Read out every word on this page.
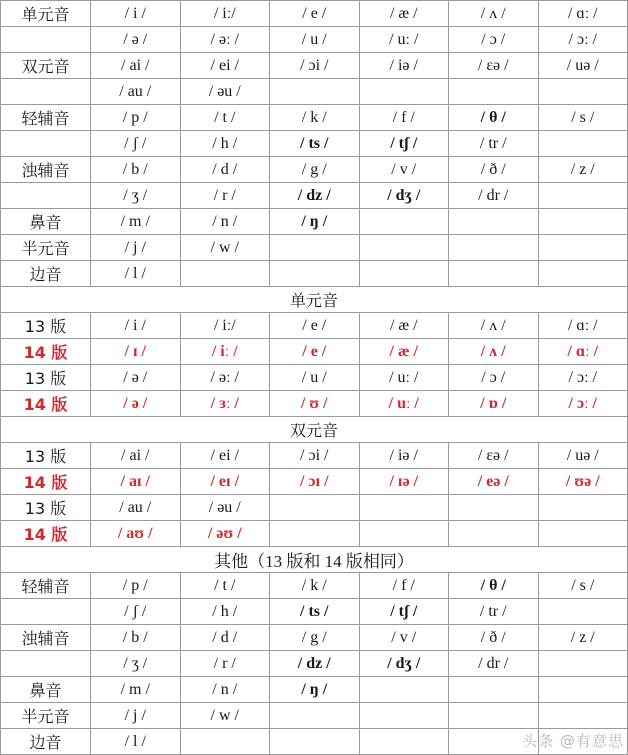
单元音	/ i /	/ iː/	/ e /	/ æ /	/ ʌ /	/ ɑː /
	/ ə /	/ əː /	/ u /	/ uː /	/ ɔ /	/ ɔː /
双元音	/ ai /	/ ei /	/ ɔi /	/ iə /	/ ɛə /	/ uə /
	/ au /	/ əu /				
轻辅音	/ p /	/ t /	/ k /	/ f /	/ θ /	/ s /
	/ ʃ /	/ h /	/ ts /	/ tʃ /	/ tr /	
浊辅音	/ b /	/ d /	/ g /	/ v /	/ ð /	/ z /
	/ ʒ /	/ r /	/ dz /	/ dʒ /	/ dr /	
鼻音	/ m /	/ n /	/ ŋ /			
半元音	/ j /	/ w /				
边音	/ l /					
单元音						
13 版	/ i /	/ iː/	/ e /	/ æ /	/ ʌ /	/ ɑː /
14 版	/ ɪ /	/ iː /	/ e /	/ æ /	/ ʌ /	/ ɑː /
13 版	/ ə /	/ əː /	/ u /	/ uː /	/ ɔ /	/ ɔː /
14 版	/ ə /	/ ɜː /	/ ʊ /	/ uː /	/ ɒ /	/ ɔː /
双元音						
13 版	/ ai /	/ ei /	/ ɔi /	/ iə /	/ ɛə /	/ uə /
14 版	/ aɪ /	/ eɪ /	/ ɔɪ /	/ ɪə /	/ eə /	/ ʊə /
13 版	/ au /	/ əu /				
14 版	/ aʊ /	/ əʊ /				
其他（13 版和 14 版相同）						
轻辅音	/ p /	/ t /	/ k /	/ f /	/ θ /	/ s /
	/ ʃ /	/ h /	/ ts /	/ tʃ /	/ tr /	
浊辅音	/ b /	/ d /	/ g /	/ v /	/ ð /	/ z /
	/ ʒ /	/ r /	/ dz /	/ dʒ /	/ dr /	
鼻音	/ m /	/ n /	/ ŋ /			
半元音	/ j /	/ w /				
边音	/ l /						头条 @有意思
